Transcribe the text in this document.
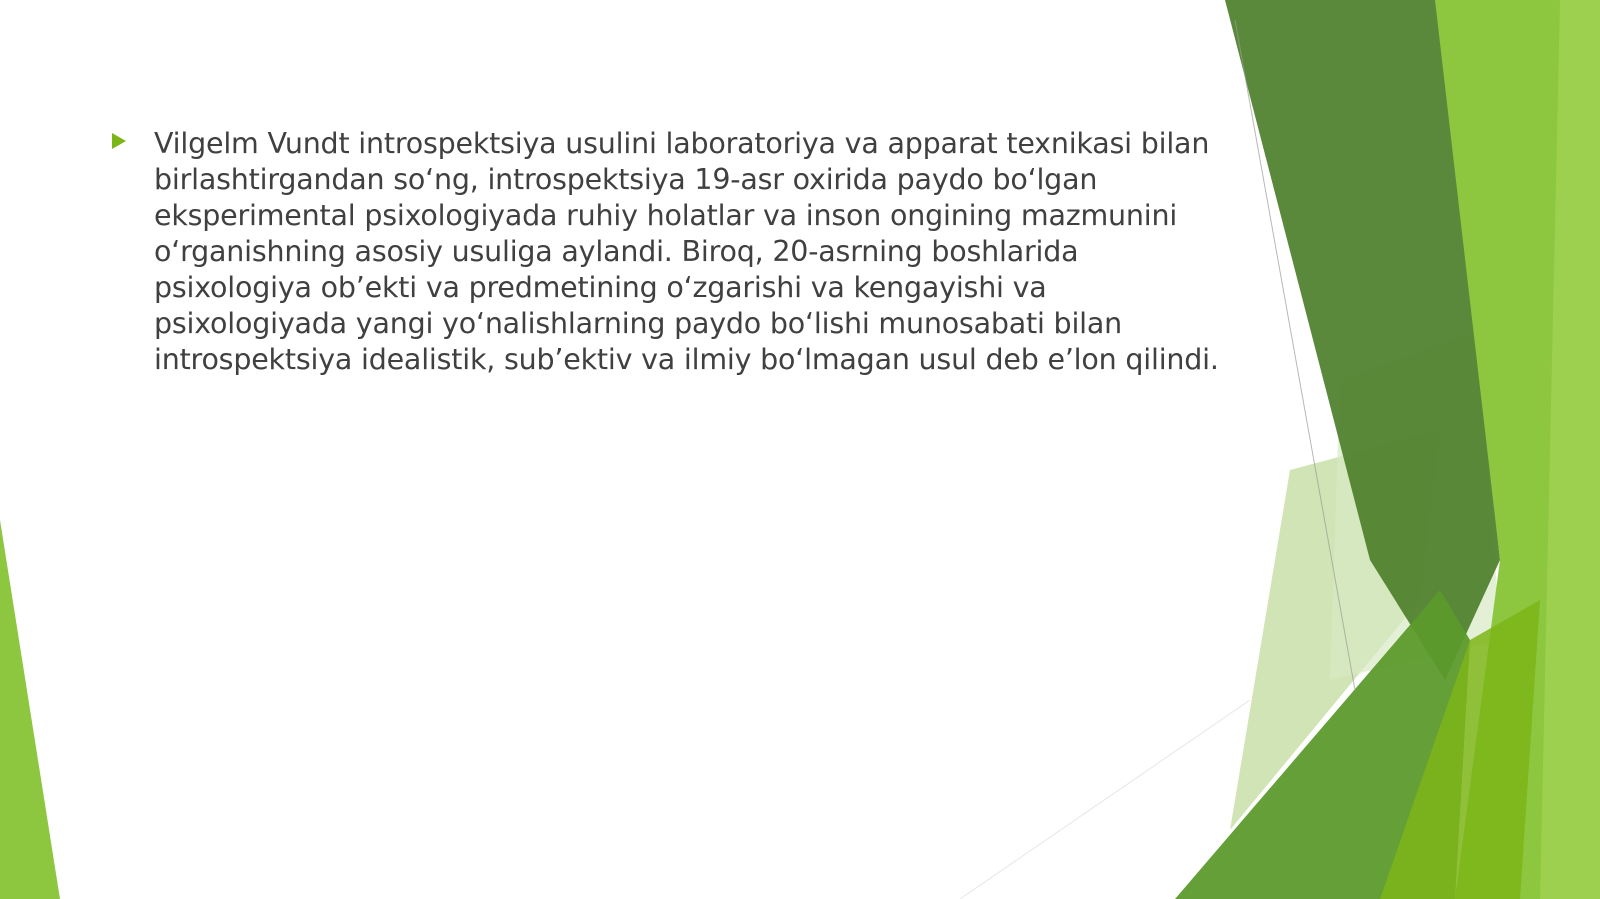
Vilgelm Vundt introspektsiya usulini laboratoriya va apparat texnikasi bilan birlashtirgandan so‘ng, introspektsiya 19-asr oxirida paydo bo‘lgan eksperimental psixologiyada ruhiy holatlar va inson ongining mazmunini o‘rganishning asosiy usuliga aylandi. Biroq, 20-asrning boshlarida psixologiya ob’ekti va predmetining o‘zgarishi va kengayishi va psixologiyada yangi yo‘nalishlarning paydo bo‘lishi munosabati bilan introspektsiya idealistik, sub’ektiv va ilmiy bo‘lmagan usul deb e’lon qilindi.
